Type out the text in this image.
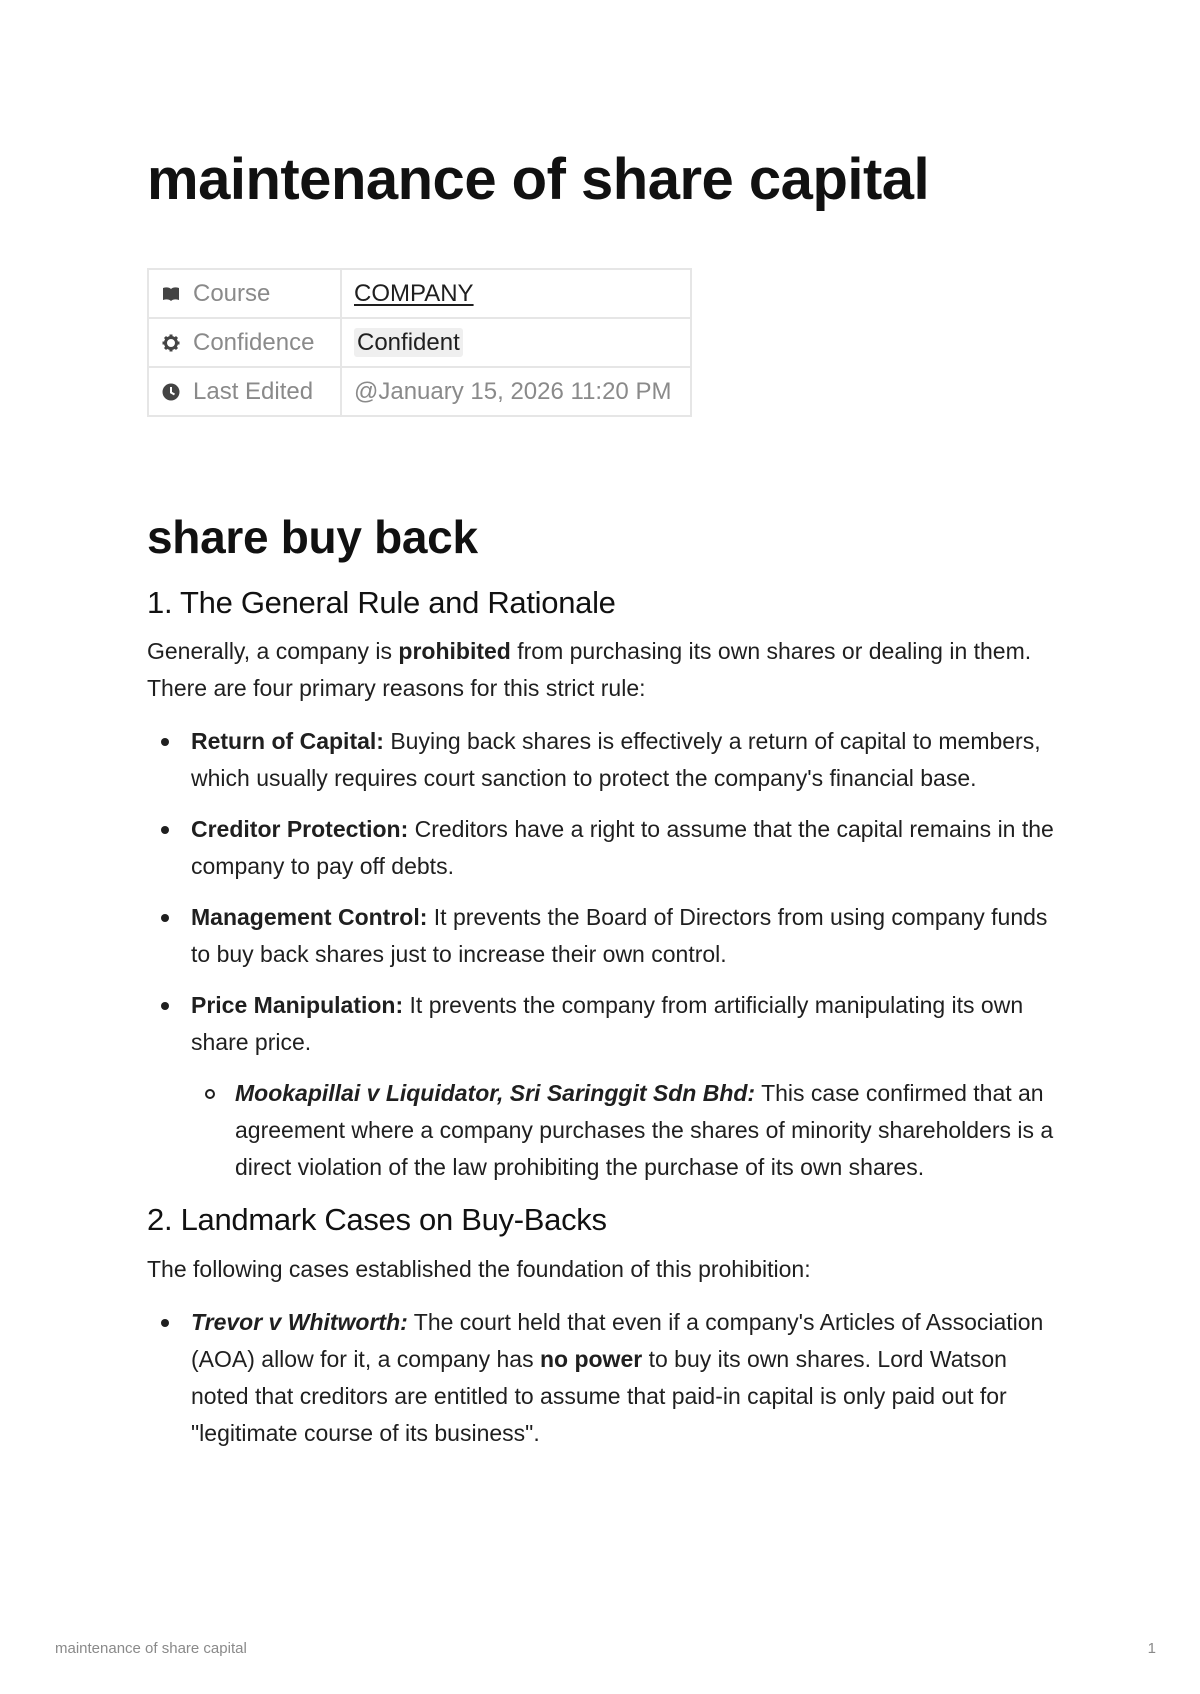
maintenance of share capital
Course	COMPANY

Confidence	Confident

Last Edited	@January 15, 2026 11:20 PM
share buy back
1. The General Rule and Rationale

Generally, a company is prohibited from purchasing its own shares or dealing in them. There are four primary reasons for this strict rule:

Return of Capital: Buying back shares is effectively a return of capital to members, which usually requires court sanction to protect the company's financial base.
Creditor Protection: Creditors have a right to assume that the capital remains in the company to pay off debts.
Management Control: It prevents the Board of Directors from using company funds to buy back shares just to increase their own control.
Price Manipulation: It prevents the company from artificially manipulating its own share price.
Mookapillai v Liquidator, Sri Saringgit Sdn Bhd: This case confirmed that an agreement where a company purchases the shares of minority shareholders is a direct violation of the law prohibiting the purchase of its own shares.
2. Landmark Cases on Buy-Backs

The following cases established the foundation of this prohibition:

Trevor v Whitworth: The court held that even if a company's Articles of Association (AOA) allow for it, a company has no power to buy its own shares. Lord Watson noted that creditors are entitled to assume that paid-in capital is only paid out for "legitimate course of its business".
maintenance of share capital	1
